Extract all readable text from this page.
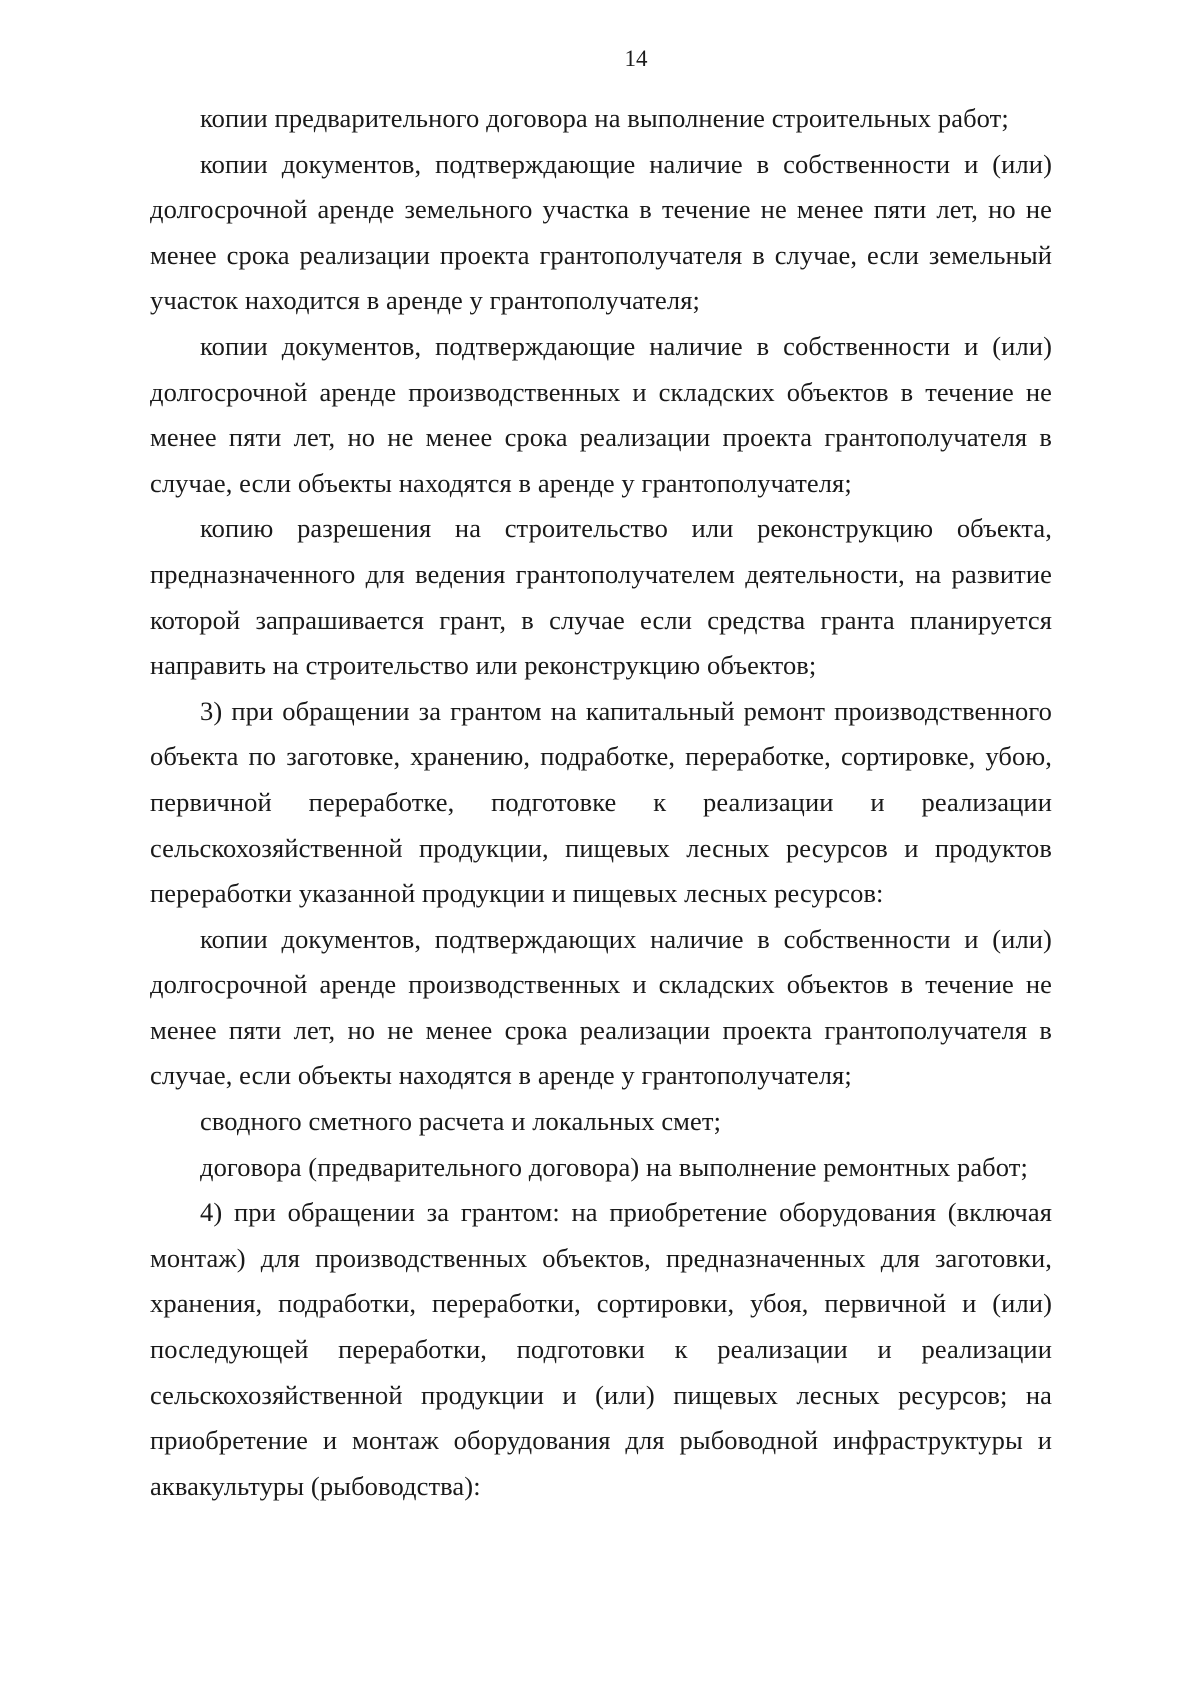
14

копии предварительного договора на выполнение строительных работ;

копии документов, подтверждающие наличие в собственности и (или) долгосрочной аренде земельного участка в течение не менее пяти лет, но не менее срока реализации проекта грантополучателя в случае, если земельный участок находится в аренде у грантополучателя;

копии документов, подтверждающие наличие в собственности и (или) долгосрочной аренде производственных и складских объектов в течение не менее пяти лет, но не менее срока реализации проекта грантополучателя в случае, если объекты находятся в аренде у грантополучателя;

копию разрешения на строительство или реконструкцию объекта, предназначенного для ведения грантополучателем деятельности, на развитие которой запрашивается грант, в случае если средства гранта планируется направить на строительство или реконструкцию объектов;

3) при обращении за грантом на капитальный ремонт производственного объекта по заготовке, хранению, подработке, переработке, сортировке, убою, первичной переработке, подготовке к реализации и реализации сельскохозяйственной продукции, пищевых лесных ресурсов и продуктов переработки указанной продукции и пищевых лесных ресурсов:

копии документов, подтверждающих наличие в собственности и (или) долгосрочной аренде производственных и складских объектов в течение не менее пяти лет, но не менее срока реализации проекта грантополучателя в случае, если объекты находятся в аренде у грантополучателя;

сводного сметного расчета и локальных смет;

договора (предварительного договора) на выполнение ремонтных работ;

4) при обращении за грантом: на приобретение оборудования (включая монтаж) для производственных объектов, предназначенных для заготовки, хранения, подработки, переработки, сортировки, убоя, первичной и (или) последующей переработки, подготовки к реализации и реализации сельскохозяйственной продукции и (или) пищевых лесных ресурсов; на приобретение и монтаж оборудования для рыбоводной инфраструктуры и аквакультуры (рыбоводства):
